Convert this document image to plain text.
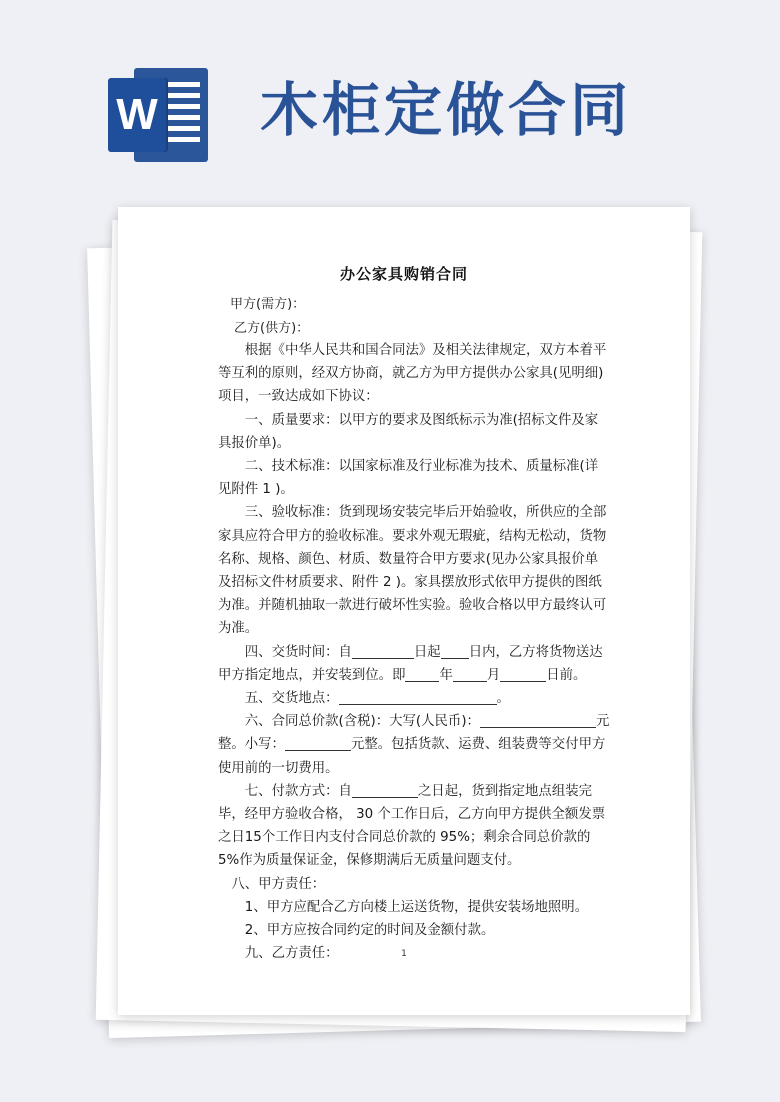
W 木柜定做合同
办公家具购销合同
甲方(需方)：
乙方(供方)：

根据《中华人民共和国合同法》及相关法律规定，双方本着平等互利的原则，经双方协商，就乙方为甲方提供办公家具(见明细)项目，一致达成如下协议：

一、质量要求：以甲方的要求及图纸标示为准(招标文件及家具报价单)。

二、技术标准：以国家标准及行业标准为技术、质量标准(详见附件 1 )。

三、验收标准：货到现场安装完毕后开始验收，所供应的全部家具应符合甲方的验收标准。要求外观无瑕疵，结构无松动，货物名称、规格、颜色、材质、数量符合甲方要求(见办公家具报价单及招标文件材质要求、附件 2 )。家具摆放形式依甲方提供的图纸为准。并随机抽取一款进行破坏性实验。验收合格以甲方最终认可为准。

四、交货时间：自	日起 日内，乙方将货物送达甲方指定地点，并安装到位。即	年	月	日前。

五、交货地点：	。

六、合同总价款(含税)：大写(人民币)：	元整。小写：	元整。包括货款、运费、组装费等交付甲方使用前的一切费用。

七、付款方式：自	之日起，货到指定地点组装完毕，经甲方验收合格， 30 个工作日后，乙方向甲方提供全额发票之日15个工作日内支付合同总价款的 95%；剩余合同总价款的 5%作为质量保证金，保修期满后无质量问题支付。

八、甲方责任：

1、甲方应配合乙方向楼上运送货物，提供安装场地照明。

2、甲方应按合同约定的时间及金额付款。

九、乙方责任：	1
